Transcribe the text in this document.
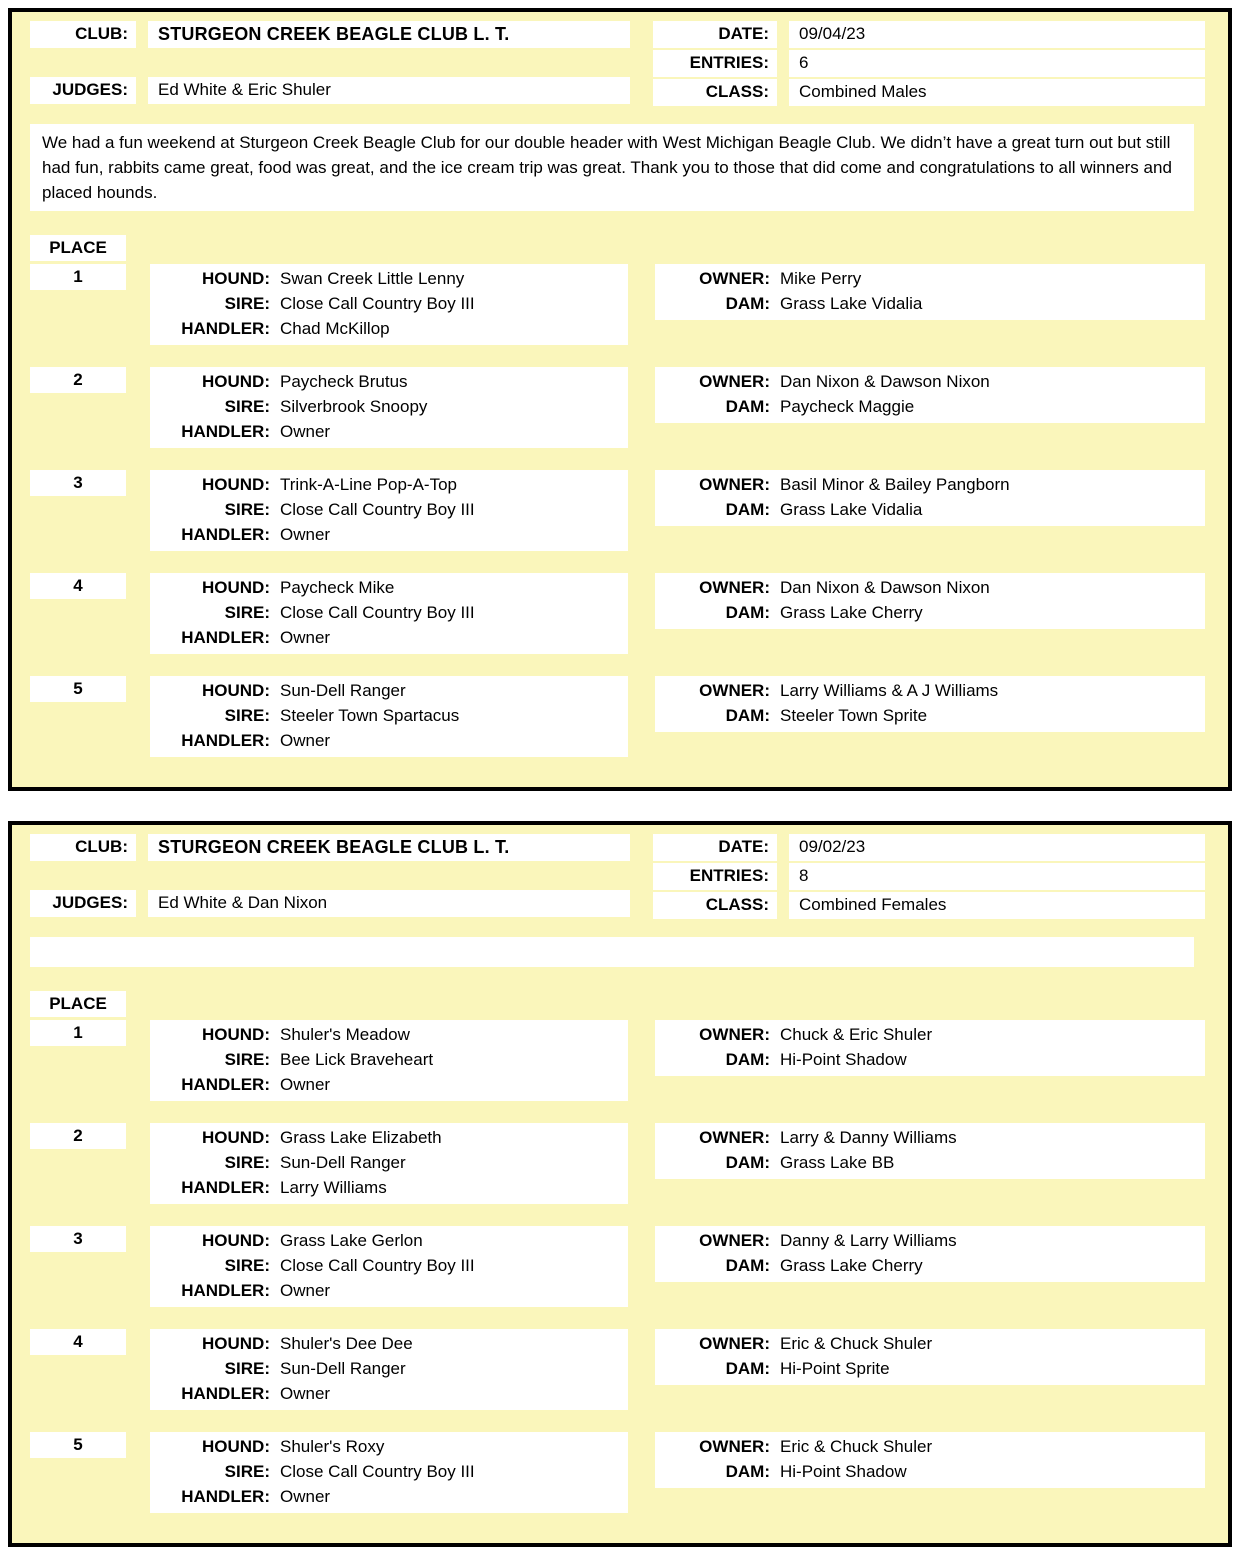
CLUB:	STURGEON CREEK BEAGLE CLUB L. T.
JUDGES:	Ed White & Eric Shuler
DATE:	09/04/23
ENTRIES:	6
CLASS:	Combined Males
We had a fun weekend at Sturgeon Creek Beagle Club for our double header with West Michigan Beagle Club. We didn’t have a great turn out but still had fun, rabbits came great, food was great, and the ice cream trip was great. Thank you to those that did come and congratulations to all winners and placed hounds.
PLACE
1	HOUND: Swan Creek Little Lenny
SIRE: Close Call Country Boy III
HANDLER: Chad McKillop
OWNER: Mike Perry
DAM: Grass Lake Vidalia
2	HOUND: Paycheck Brutus
SIRE: Silverbrook Snoopy
HANDLER: Owner
OWNER: Dan Nixon & Dawson Nixon
DAM: Paycheck Maggie
3	HOUND: Trink-A-Line Pop-A-Top
SIRE: Close Call Country Boy III
HANDLER: Owner
OWNER: Basil Minor & Bailey Pangborn
DAM: Grass Lake Vidalia
4	HOUND: Paycheck Mike
SIRE: Close Call Country Boy III
HANDLER: Owner
OWNER: Dan Nixon & Dawson Nixon
DAM: Grass Lake Cherry
5	HOUND: Sun-Dell Ranger
SIRE: Steeler Town Spartacus
HANDLER: Owner
OWNER: Larry Williams & A J Williams
DAM: Steeler Town Sprite
CLUB:	STURGEON CREEK BEAGLE CLUB L. T.
JUDGES:	Ed White & Dan Nixon
DATE:	09/02/23
ENTRIES:	8
CLASS:	Combined Females
PLACE
1	HOUND: Shuler's Meadow
SIRE: Bee Lick Braveheart
HANDLER: Owner
OWNER: Chuck & Eric Shuler
DAM: Hi-Point Shadow
2	HOUND: Grass Lake Elizabeth
SIRE: Sun-Dell Ranger
HANDLER: Larry Williams
OWNER: Larry & Danny Williams
DAM: Grass Lake BB
3	HOUND: Grass Lake Gerlon
SIRE: Close Call Country Boy III
HANDLER: Owner
OWNER: Danny & Larry Williams
DAM: Grass Lake Cherry
4	HOUND: Shuler's Dee Dee
SIRE: Sun-Dell Ranger
HANDLER: Owner
OWNER: Eric & Chuck Shuler
DAM: Hi-Point Sprite
5	HOUND: Shuler's Roxy
SIRE: Close Call Country Boy III
HANDLER: Owner
OWNER: Eric & Chuck Shuler
DAM: Hi-Point Shadow
